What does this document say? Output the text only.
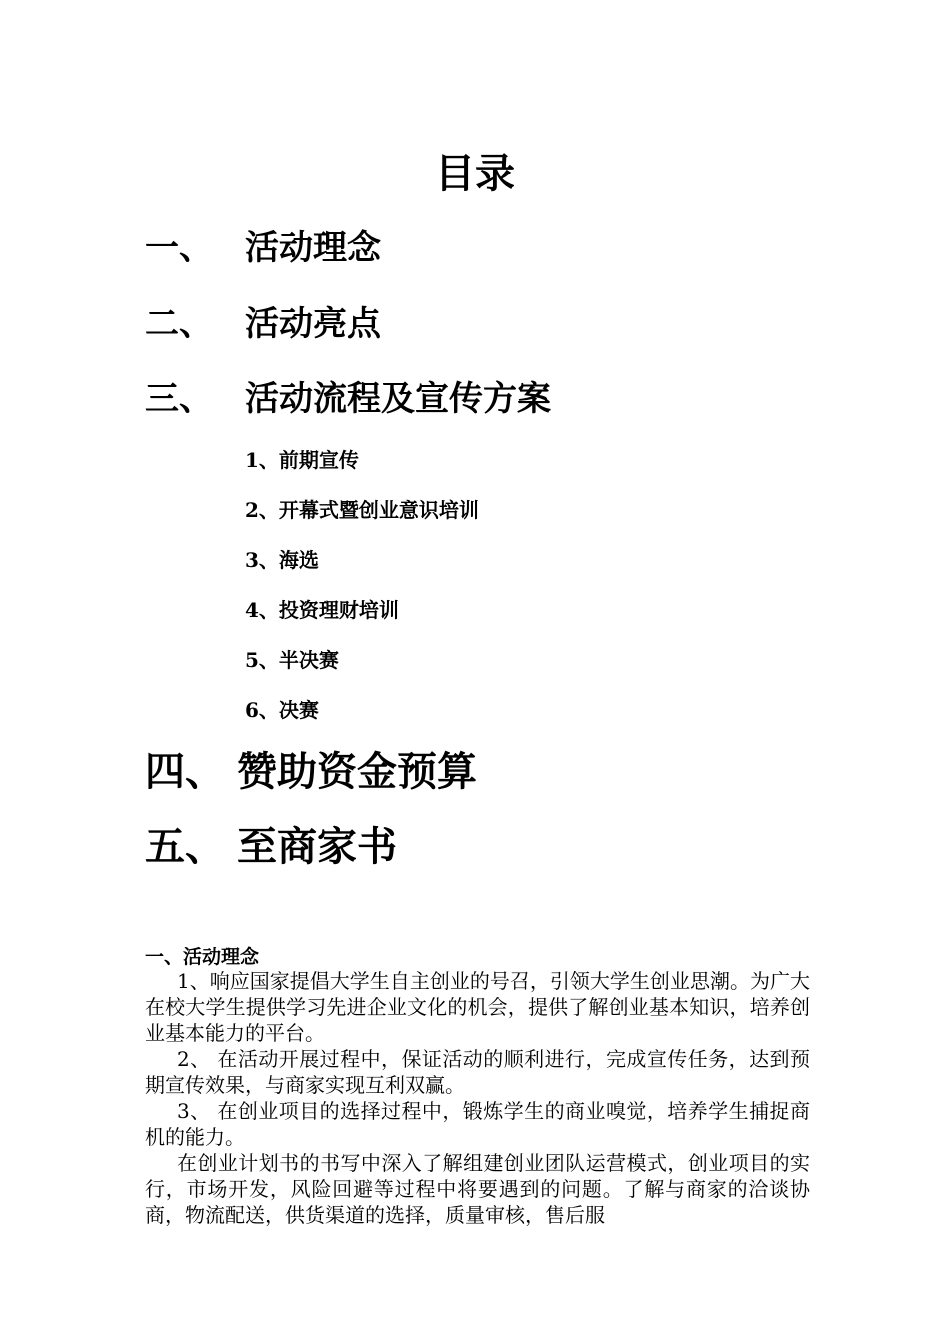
目录
一、 活动理念
二、 活动亮点
三、 活动流程及宣传方案
1、前期宣传
2、开幕式暨创业意识培训
3、海选
4、投资理财培训
5、半决赛
6、决赛
四、 赞助资金预算
五、 至商家书
一、活动理念

1、响应国家提倡大学生自主创业的号召，引领大学生创业思潮。为广大在校大学生提供学习先进企业文化的机会，提供了解创业基本知识，培养创业基本能力的平台。

2、 在活动开展过程中，保证活动的顺利进行，完成宣传任务，达到预期宣传效果，与商家实现互利双赢。

3、 在创业项目的选择过程中，锻炼学生的商业嗅觉，培养学生捕捉商机的能力。

在创业计划书的书写中深入了解组建创业团队运营模式，创业项目的实行，市场开发，风险回避等过程中将要遇到的问题。了解与商家的洽谈协商，物流配送，供货渠道的选择，质量审核，售后服
